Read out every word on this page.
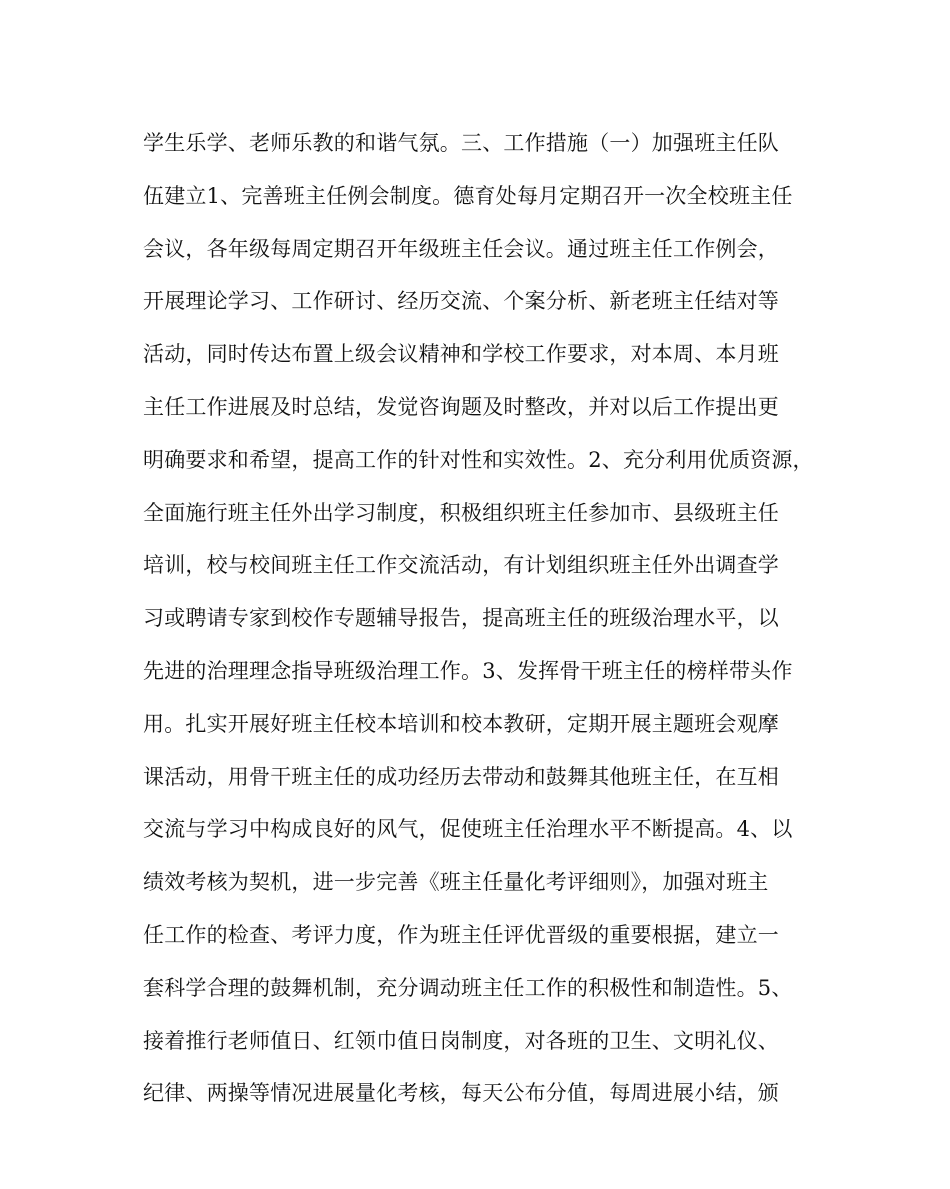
学生乐学、老师乐教的和谐气氛。三、工作措施（一）加强班主任队
伍建立1、完善班主任例会制度。德育处每月定期召开一次全校班主任
会议，各年级每周定期召开年级班主任会议。通过班主任工作例会，
开展理论学习、工作研讨、经历交流、个案分析、新老班主任结对等
活动，同时传达布置上级会议精神和学校工作要求，对本周、本月班
主任工作进展及时总结，发觉咨询题及时整改，并对以后工作提出更
明确要求和希望，提高工作的针对性和实效性。2、充分利用优质资源，
全面施行班主任外出学习制度，积极组织班主任参加市、县级班主任
培训，校与校间班主任工作交流活动，有计划组织班主任外出调查学
习或聘请专家到校作专题辅导报告，提高班主任的班级治理水平，以
先进的治理理念指导班级治理工作。3、发挥骨干班主任的榜样带头作
用。扎实开展好班主任校本培训和校本教研，定期开展主题班会观摩
课活动，用骨干班主任的成功经历去带动和鼓舞其他班主任，在互相
交流与学习中构成良好的风气，促使班主任治理水平不断提高。4、以
绩效考核为契机，进一步完善《班主任量化考评细则》，加强对班主
任工作的检查、考评力度，作为班主任评优晋级的重要根据，建立一
套科学合理的鼓舞机制，充分调动班主任工作的积极性和制造性。5、
接着推行老师值日、红领巾值日岗制度，对各班的卫生、文明礼仪、
纪律、两操等情况进展量化考核，每天公布分值，每周进展小结，颁
